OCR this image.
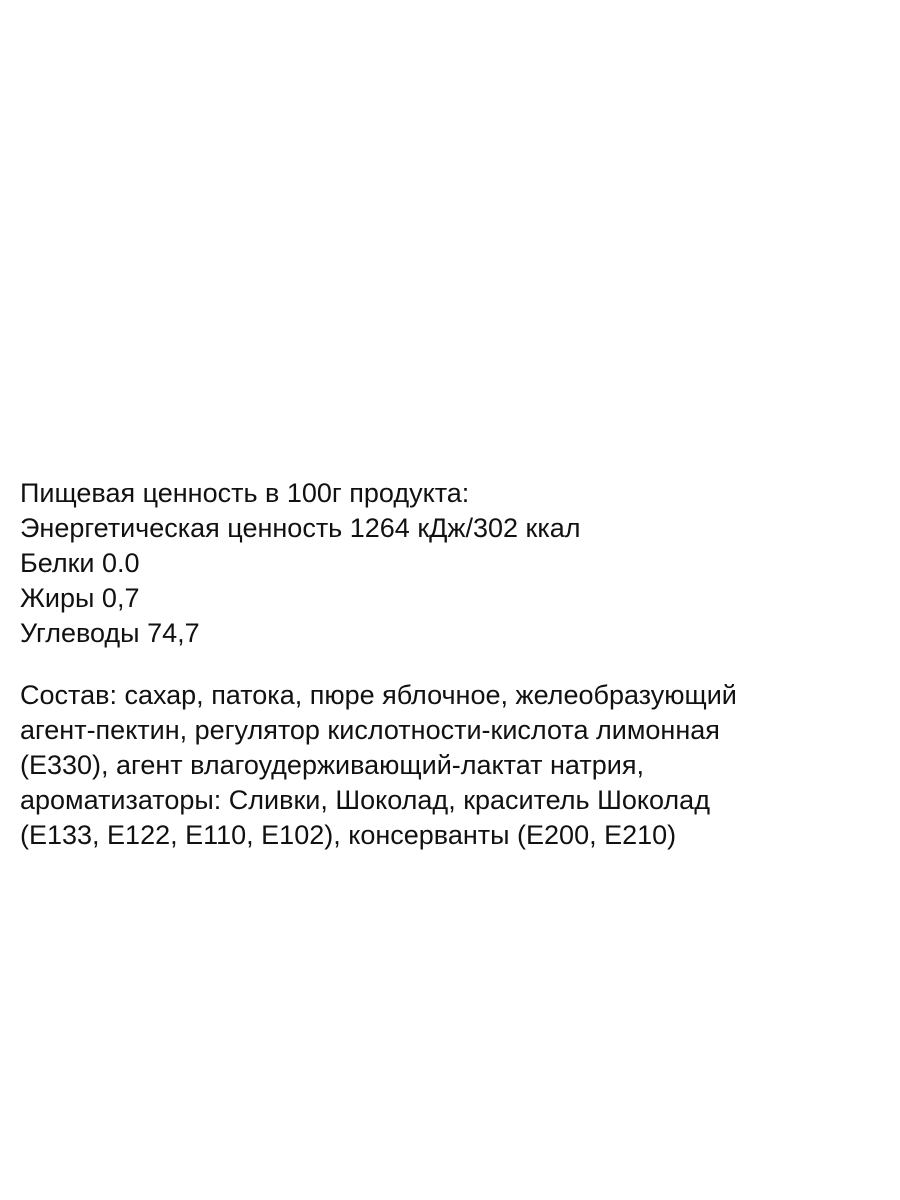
Пищевая ценность в 100г продукта:
Энергетическая ценность 1264 кДж/302 ккал
Белки 0.0
Жиры 0,7
Углеводы 74,7
Состав: сахар, патока, пюре яблочное, желеобразующий
агент-пектин, регулятор кислотности-кислота лимонная
(E330), агент влагоудерживающий-лактат натрия,
ароматизаторы: Сливки, Шоколад, краситель Шоколад
(E133, E122, E110, E102), консерванты (E200, E210)
